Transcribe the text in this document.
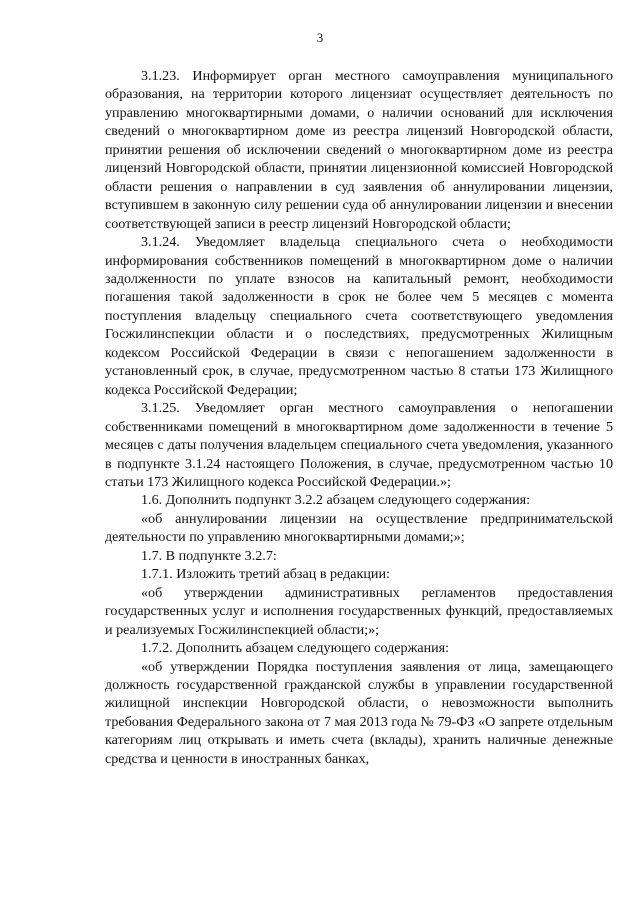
3

3.1.23. Информирует орган местного самоуправления муниципального образования, на территории которого лицензиат осуществляет деятельность по управлению многоквартирными домами, о наличии оснований для исключения сведений о многоквартирном доме из реестра лицензий Новгородской области, принятии решения об исключении сведений о многоквартирном доме из реестра лицензий Новгородской области, принятии лицензионной комиссией Новгородской области решения о направлении в суд заявления об аннулировании лицензии, вступившем в законную силу решении суда об аннулировании лицензии и внесении соответствующей записи в реестр лицензий Новгородской области;

3.1.24. Уведомляет владельца специального счета о необходимости информирования собственников помещений в многоквартирном доме о наличии задолженности по уплате взносов на капитальный ремонт, необходимости погашения такой задолженности в срок не более чем 5 месяцев с момента поступления владельцу специального счета соответствующего уведомления Госжилинспекции области и о последствиях, предусмотренных Жилищным кодексом Российской Федерации в связи с непогашением задолженности в установленный срок, в случае, предусмотренном частью 8 статьи 173 Жилищного кодекса Российской Федерации;

3.1.25. Уведомляет орган местного самоуправления о непогашении собственниками помещений в многоквартирном доме задолженности в течение 5 месяцев с даты получения владельцем специального счета уведомления, указанного в подпункте 3.1.24 настоящего Положения, в случае, предусмотренном частью 10 статьи 173 Жилищного кодекса Российской Федерации.»;

1.6. Дополнить подпункт 3.2.2 абзацем следующего содержания:

«об аннулировании лицензии на осуществление предпринимательской деятельности по управлению многоквартирными домами;»;

1.7. В подпункте 3.2.7:

1.7.1. Изложить третий абзац в редакции:

«об утверждении административных регламентов предоставления государственных услуг и исполнения государственных функций, предоставляемых и реализуемых Госжилинспекцией области;»;

1.7.2. Дополнить абзацем следующего содержания:

«об утверждении Порядка поступления заявления от лица, замещающего должность государственной гражданской службы в управлении государственной жилищной инспекции Новгородской области, о невозможности выполнить требования Федерального закона от 7 мая 2013 года № 79-ФЗ «О запрете отдельным категориям лиц открывать и иметь счета (вклады), хранить наличные денежные средства и ценности в иностранных банках,
